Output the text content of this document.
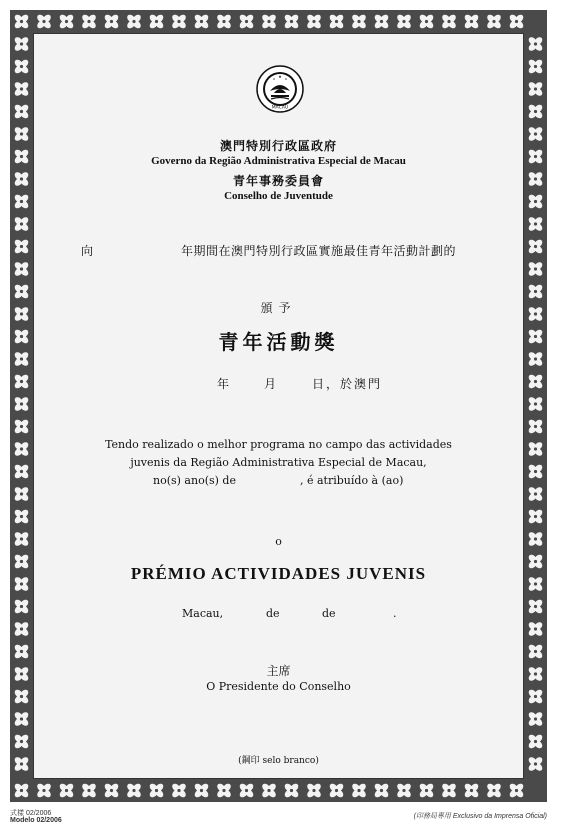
MACAU
澳門特別行政區政府
Governo da Região Administrativa Especial de Macau
青年事務委員會
Conselho de Juventude
向	年期間在澳門特別行政區實施最佳青年活動計劃的
頒予
青年活動獎
年	月	日，於澳門
Tendo realizado o melhor programa no campo das actividades
juvenis da Região Administrativa Especial de Macau,
no(s) ano(s) de	, é atribuído à (ao)
o
PRÉMIO ACTIVIDADES JUVENIS
Macau,	de	de	.
主席
O Presidente do Conselho
(鋼印 selo branco)
式樣 02/2006
Modelo 02/2006
(印務局專用 Exclusivo da Imprensa Oficial)
